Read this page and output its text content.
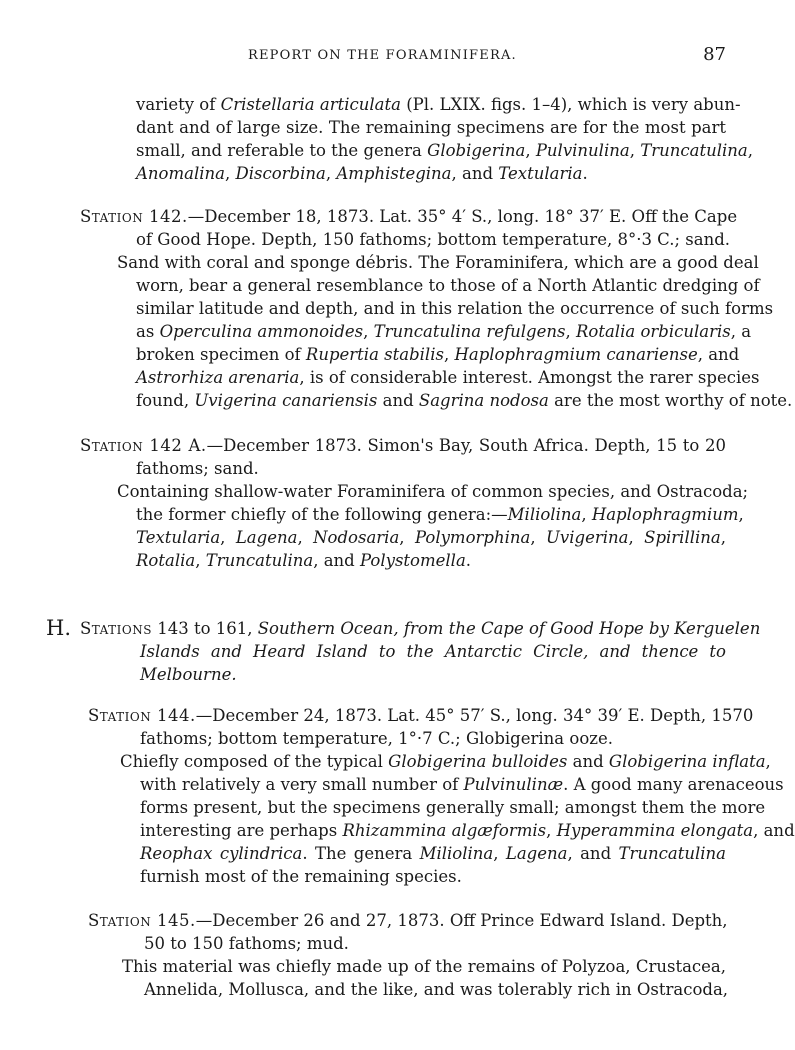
REPORT ON THE FORAMINIFERA.	87
variety of Cristellaria articulata (Pl. LXIX. figs. 1–4), which is very abun-
dant and of large size. The remaining specimens are for the most part
small, and referable to the genera Globigerina, Pulvinulina, Truncatulina,
Anomalina, Discorbina, Amphistegina, and Textularia.
Station 142.—December 18, 1873. Lat. 35° 4′ S., long. 18° 37′ E. Off the Cape
of Good Hope. Depth, 150 fathoms; bottom temperature, 8°·3 C.; sand.
Sand with coral and sponge débris. The Foraminifera, which are a good deal
worn, bear a general resemblance to those of a North Atlantic dredging of
similar latitude and depth, and in this relation the occurrence of such forms
as Operculina ammonoides, Truncatulina refulgens, Rotalia orbicularis, a
broken specimen of Rupertia stabilis, Haplophragmium canariense, and
Astrorhiza arenaria, is of considerable interest. Amongst the rarer species
found, Uvigerina canariensis and Sagrina nodosa are the most worthy of note.
Station 142 A.—December 1873. Simon's Bay, South Africa. Depth, 15 to 20
fathoms; sand.
Containing shallow-water Foraminifera of common species, and Ostracoda;
the former chiefly of the following genera:—Miliolina, Haplophragmium,
Textularia, Lagena, Nodosaria, Polymorphina, Uvigerina, Spirillina,
Rotalia, Truncatulina, and Polystomella.
H. Stations 143 to 161, Southern Ocean, from the Cape of Good Hope by Kerguelen
Islands and Heard Island to the Antarctic Circle, and thence to
Melbourne.
Station 144.—December 24, 1873. Lat. 45° 57′ S., long. 34° 39′ E. Depth, 1570
fathoms; bottom temperature, 1°·7 C.; Globigerina ooze.
Chiefly composed of the typical Globigerina bulloides and Globigerina inflata,
with relatively a very small number of Pulvinulinæ. A good many arenaceous
forms present, but the specimens generally small; amongst them the more
interesting are perhaps Rhizammina algæformis, Hyperammina elongata, and
Reophax cylindrica. The genera Miliolina, Lagena, and Truncatulina
furnish most of the remaining species.
Station 145.—December 26 and 27, 1873. Off Prince Edward Island. Depth,
50 to 150 fathoms; mud.
This material was chiefly made up of the remains of Polyzoa, Crustacea,
Annelida, Mollusca, and the like, and was tolerably rich in Ostracoda,
